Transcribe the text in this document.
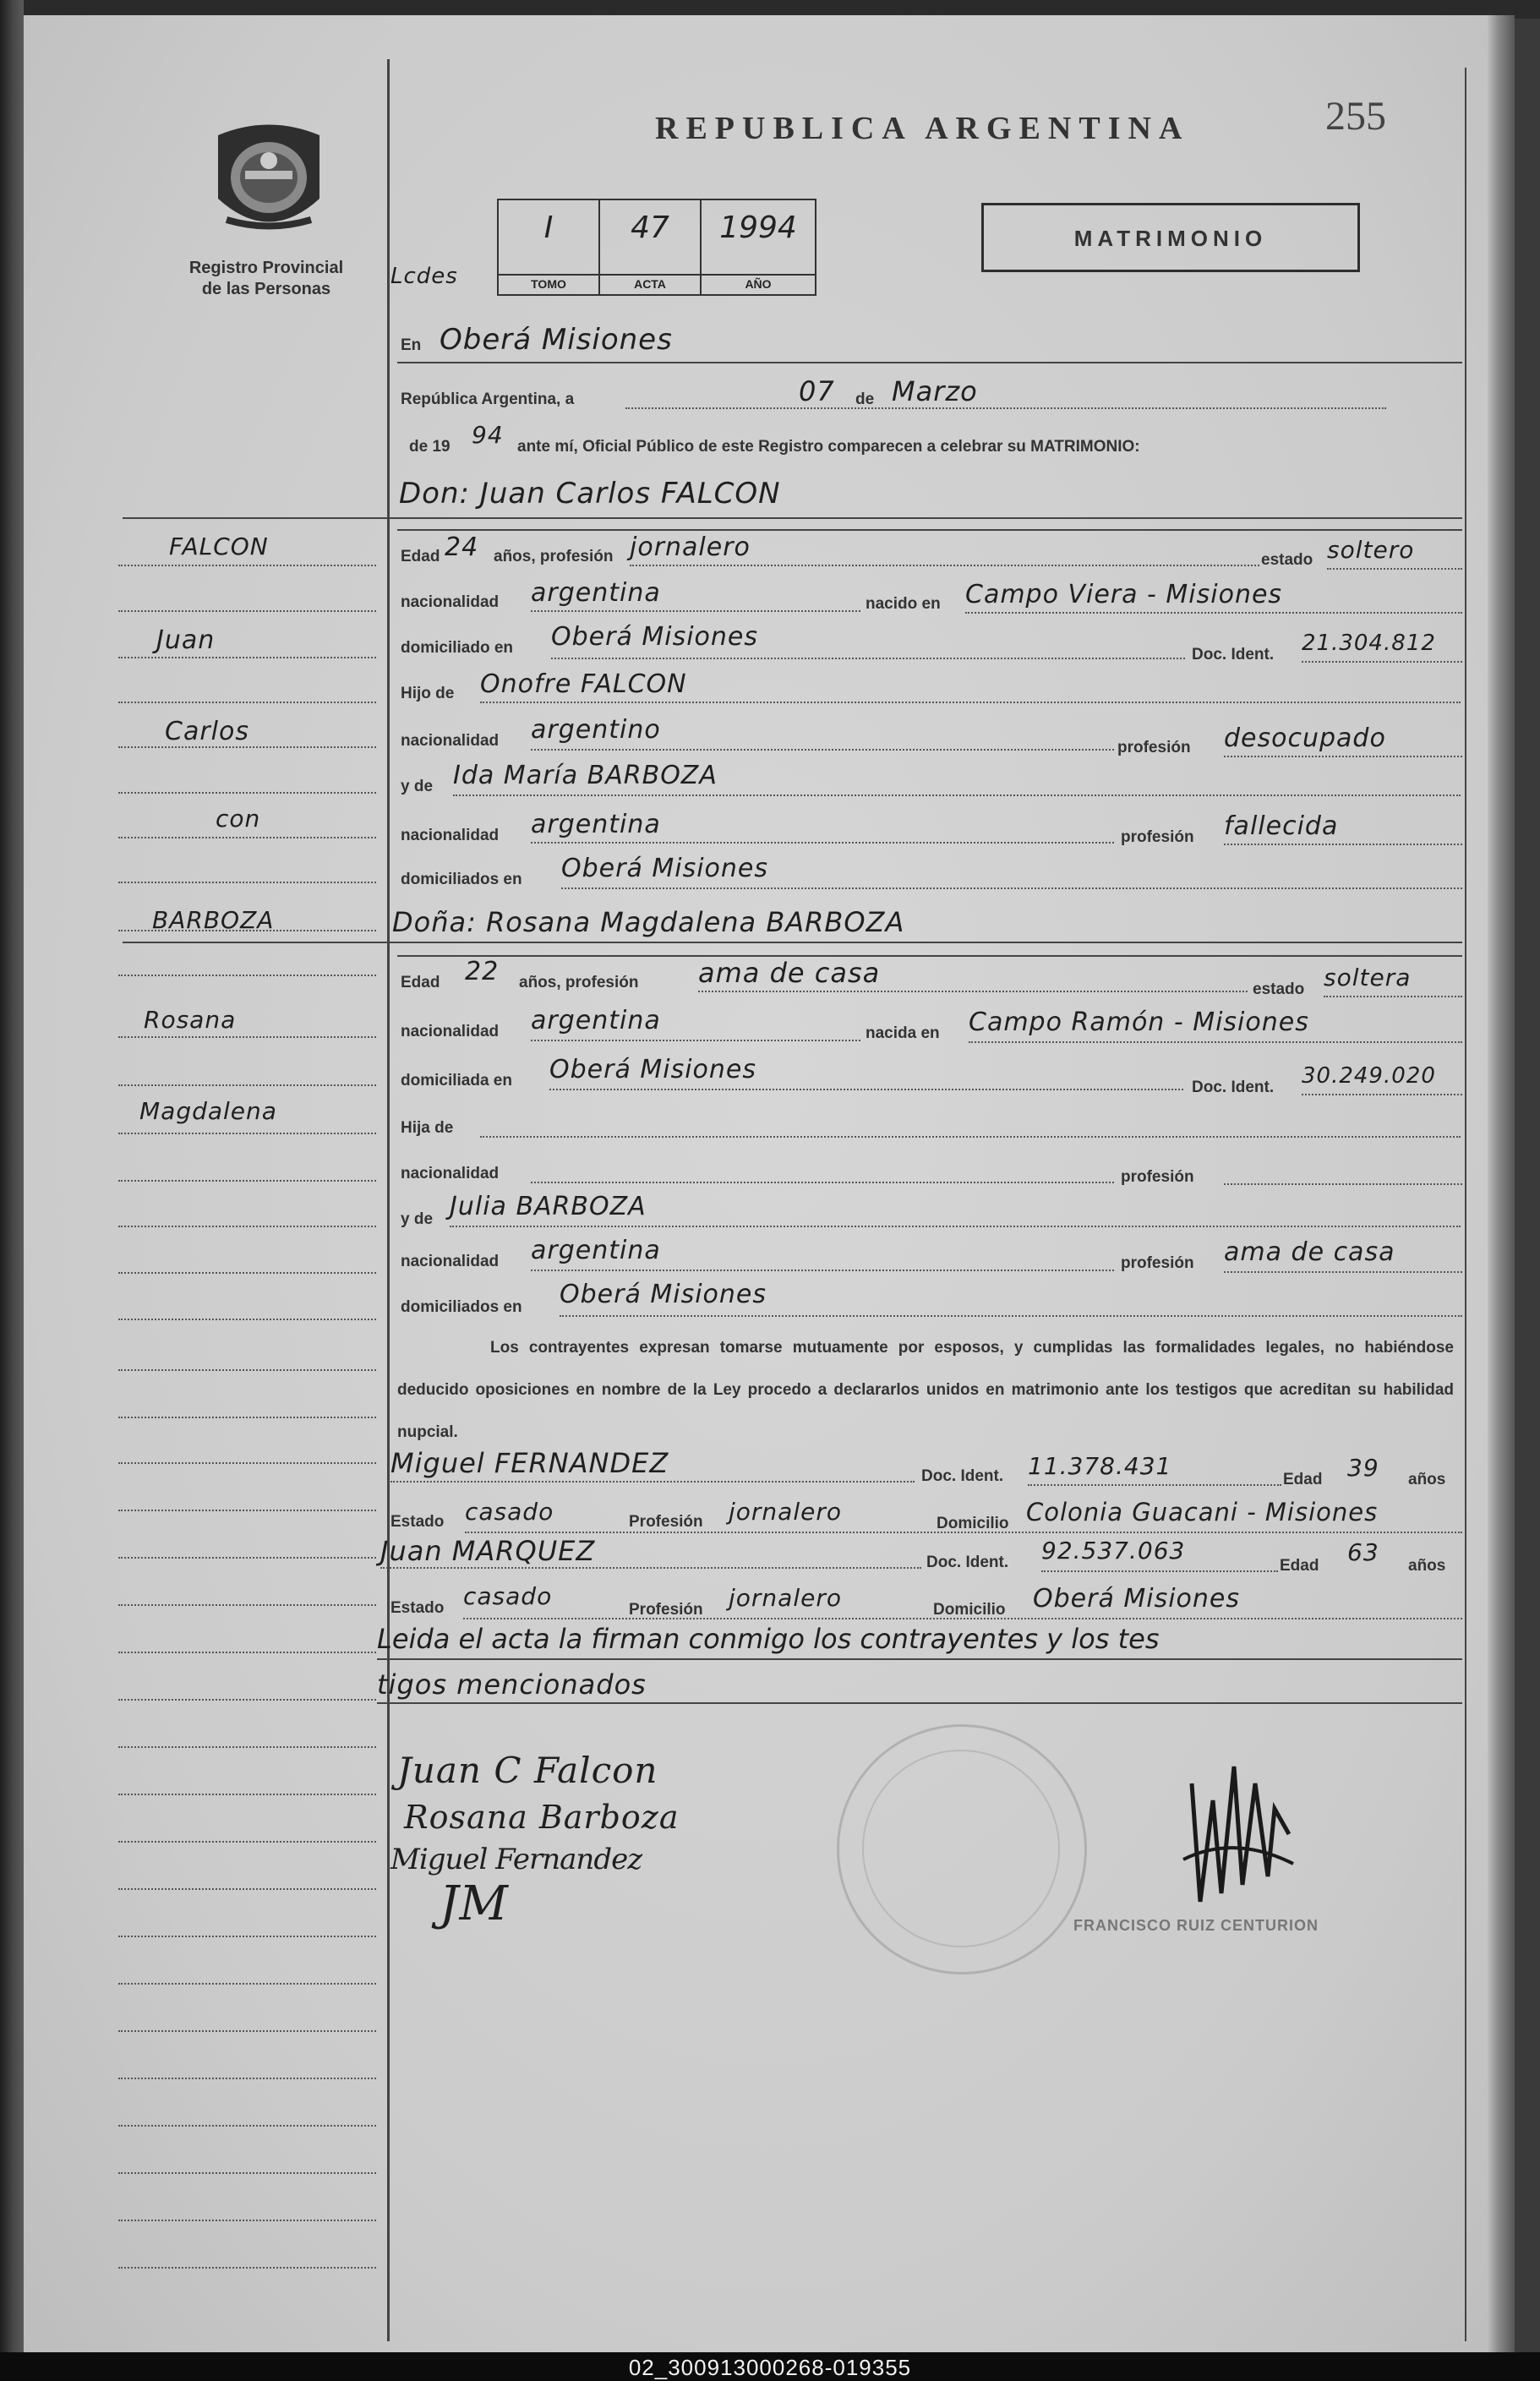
Registro Provincial
de las Personas
REPUBLICA ARGENTINA	255
MATRIMONIO
Lcdes
I
TOMO
47
ACTA
1994
AÑO
En Oberá Misiones
República Argentina, a	07 de Marzo
de 19 94 ante mí, Oficial Público de este Registro comparecen a celebrar su MATRIMONIO:
Don: Juan Carlos FALCON
FALCON
Juan
Carlos
con
BARBOZA
Rosana
Magdalena
Edad 24 años, profesión jornalero	estado soltero
nacionalidad argentina	nacido en Campo Viera - Misiones
domiciliado en Oberá Misiones
Doc. Ident. 21.304.812
Hijo de Onofre FALCON
nacionalidad argentino
profesión desocupado
y de Ida María BARBOZA
nacionalidad argentina	profesión fallecida
domiciliados en Oberá Misiones
Doña: Rosana Magdalena BARBOZA
Edad 22 años, profesión ama de casa
estado soltera
nacionalidad argentina	nacida en Campo Ramón - Misiones
domiciliada en Oberá Misiones
Doc. Ident. 30.249.020
Hija de
nacionalidad	profesión
y de Julia BARBOZA
nacionalidad argentina	profesión ama de casa
domiciliados en Oberá Misiones
Los contrayentes expresan tomarse mutuamente por esposos, y cumplidas las formalidades legales, no habiéndose deducido oposiciones en nombre de la Ley procedo a declararlos unidos en matrimonio ante los testigos que acreditan su habilidad nupcial.
Miguel FERNANDEZ	Doc. Ident. 11.378.431	Edad 39 años
Estado casado	Profesión jornalero	Domicilio Colonia Guacani - Misiones
Juan MARQUEZ	Doc. Ident. 92.537.063
Edad 63 años
Estado casado	Profesión jornalero	Domicilio Oberá Misiones
Leida el acta la firman conmigo los contrayentes y los tes
tigos mencionados
Juan C Falcon
Rosana Barboza
Miguel Fernandez
JM	FRANCISCO RUIZ CENTURION
02_300913000268-019355
